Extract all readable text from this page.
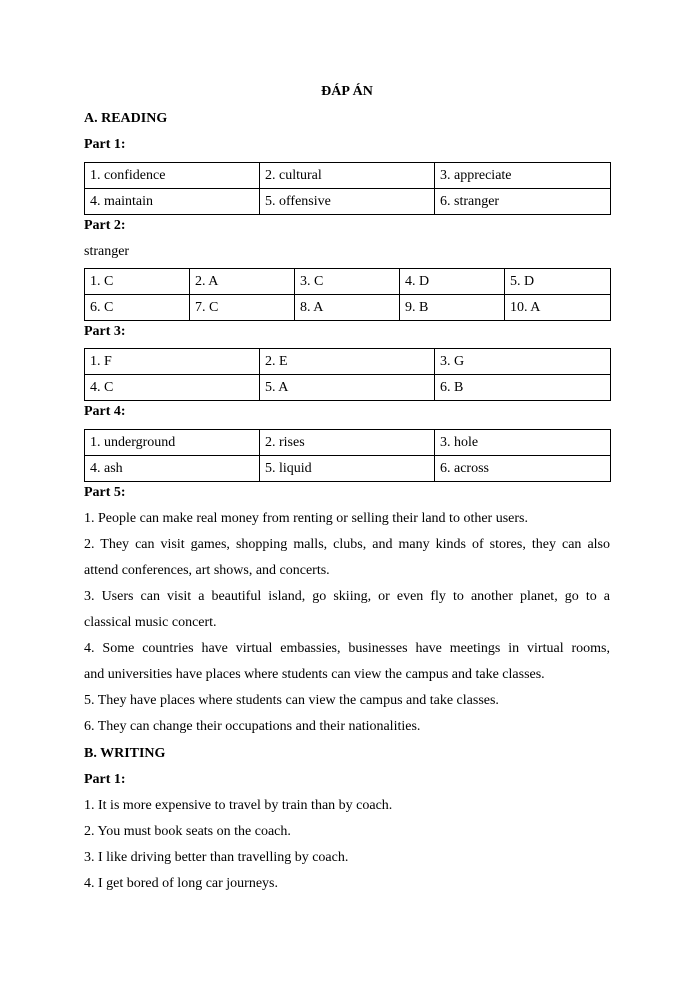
ĐÁP ÁN
A. READING
Part 1:
1. confidence	2. cultural	3. appreciate
4. maintain	5. offensive	6. stranger
Part 2:
stranger
1. C	2. A	3. C	4. D	5. D
6. C	7. C	8. A	9. B	10. A
Part 3:
1. F	2. E	3. G
4. C	5. A	6. B
Part 4:
1. underground	2. rises	3. hole
4. ash	5. liquid	6. across
Part 5:
1. People can make real money from renting or selling their land to other users.
2. They can visit games, shopping malls, clubs, and many kinds of stores, they can also
attend conferences, art shows, and concerts.
3. Users can visit a beautiful island, go skiing, or even fly to another planet, go to a
classical music concert.
4. Some countries have virtual embassies, businesses have meetings in virtual rooms,
and universities have places where students can view the campus and take classes.
5. They have places where students can view the campus and take classes.
6. They can change their occupations and their nationalities.
B. WRITING
Part 1:
1. It is more expensive to travel by train than by coach.
2. You must book seats on the coach.
3. I like driving better than travelling by coach.
4. I get bored of long car journeys.
